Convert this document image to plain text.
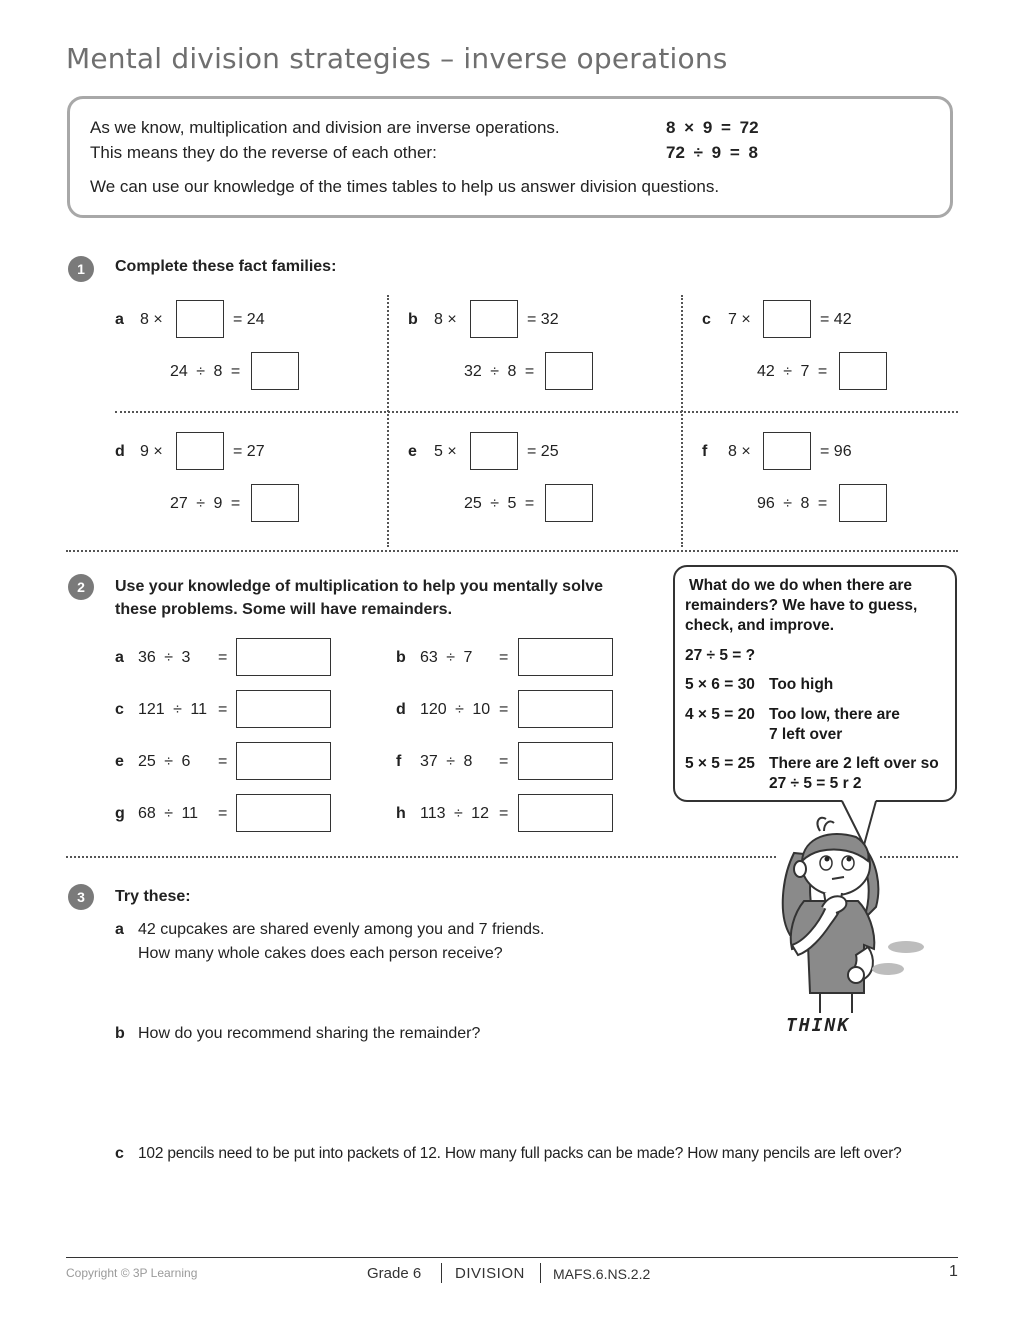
Mental division strategies – inverse operations
As we know, multiplication and division are inverse operations.
This means they do the reverse of each other:
We can use our knowledge of the times tables to help us answer division questions.
8 × 9 = 72
72 ÷ 9 = 8
1	Complete these fact families:
a 8 ×	= 24
24 ÷ 8 =
b 8 ×	= 32
32 ÷ 8 =
c 7 ×	= 42
42 ÷ 7 =
d 9 ×	= 27
27 ÷ 9 =
e 5 ×	= 25
25 ÷ 5 =
f 8 ×	= 96
96 ÷ 8 =
2	Use your knowledge of multiplication to help you mentally solve
these problems. Some will have remainders.
a 36 ÷ 3 =	b 63 ÷ 7 =
c 121 ÷ 11 =	d 120 ÷ 10 =
e 25 ÷ 6 =	f 37 ÷ 8 =
g 68 ÷ 11 =	h 113 ÷ 12 =
What do we do when there are
remainders? We have to guess,
check, and improve.
27 ÷ 5 = ?
5 × 6 = 30 Too high
4 × 5 = 20 Too low, there are
7 left over
5 × 5 = 25 There are 2 left over so
27 ÷ 5 = 5 r 2
THINK
3	Try these:
a 42 cupcakes are shared evenly among you and 7 friends.
How many whole cakes does each person receive?
b How do you recommend sharing the remainder?
c 102 pencils need to be put into packets of 12. How many full packs can be made? How many pencils are left over?
Copyright © 3P Learning	Grade 6 DIVISION MAFS.6.NS.2.2	1
